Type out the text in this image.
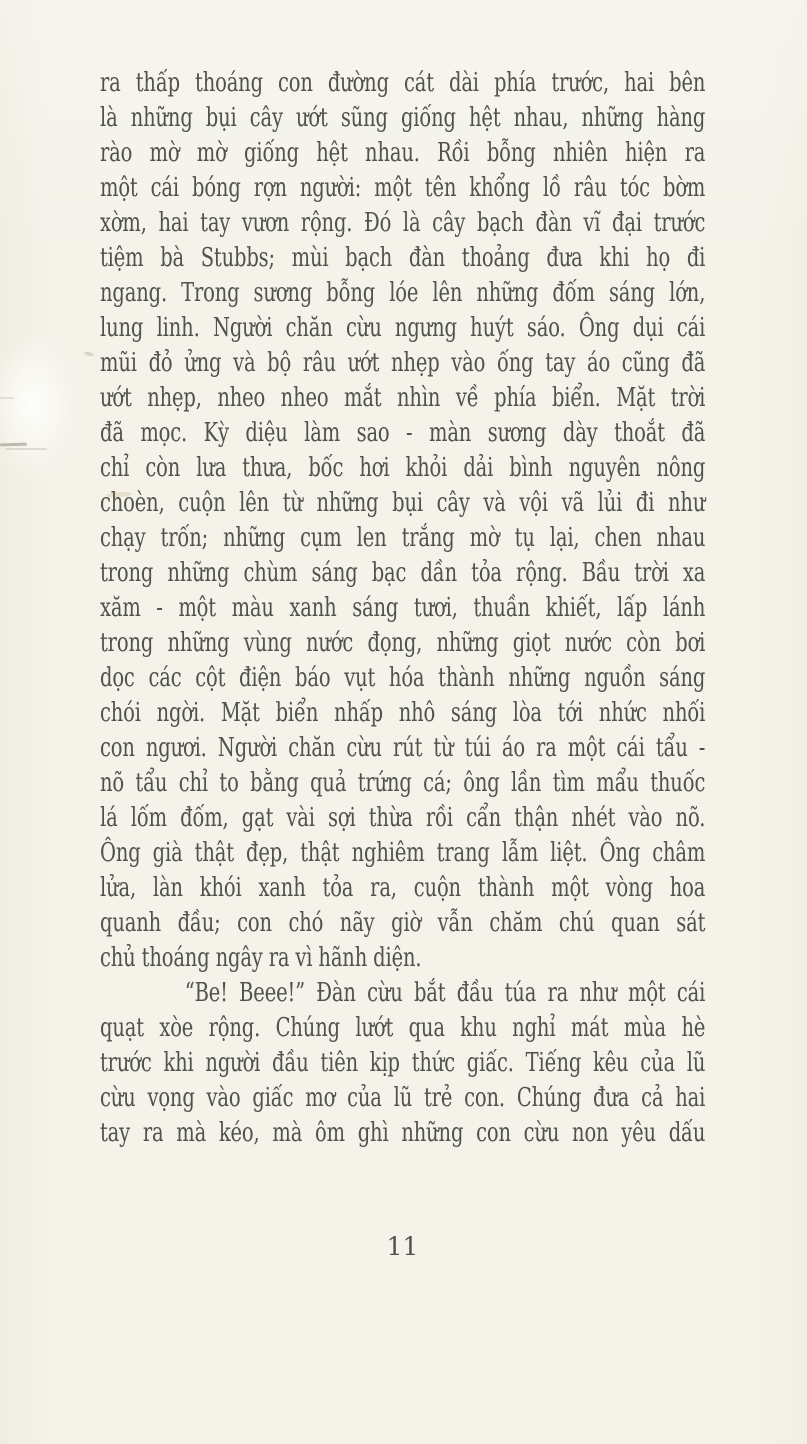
ra thấp thoáng con đường cát dài phía trước, hai bên
là những bụi cây ướt sũng giống hệt nhau, những hàng
rào mờ mờ giống hệt nhau. Rồi bỗng nhiên hiện ra
một cái bóng rợn người: một tên khổng lồ râu tóc bờm
xờm, hai tay vươn rộng. Đó là cây bạch đàn vĩ đại trước
tiệm bà Stubbs; mùi bạch đàn thoảng đưa khi họ đi
ngang. Trong sương bỗng lóe lên những đốm sáng lớn,
lung linh. Người chăn cừu ngưng huýt sáo. Ông dụi cái
mũi đỏ ửng và bộ râu ướt nhẹp vào ống tay áo cũng đã
ướt nhẹp, nheo nheo mắt nhìn về phía biển. Mặt trời
đã mọc. Kỳ diệu làm sao - màn sương dày thoắt đã
chỉ còn lưa thưa, bốc hơi khỏi dải bình nguyên nông
choèn, cuộn lên từ những bụi cây và vội vã lủi đi như
chạy trốn; những cụm len trắng mờ tụ lại, chen nhau
trong những chùm sáng bạc dần tỏa rộng. Bầu trời xa
xăm - một màu xanh sáng tươi, thuần khiết, lấp lánh
trong những vùng nước đọng, những giọt nước còn bơi
dọc các cột điện báo vụt hóa thành những nguồn sáng
chói ngời. Mặt biển nhấp nhô sáng lòa tới nhức nhối
con ngươi. Người chăn cừu rút từ túi áo ra một cái tẩu -
nõ tẩu chỉ to bằng quả trứng cá; ông lần tìm mẩu thuốc
lá lốm đốm, gạt vài sợi thừa rồi cẩn thận nhét vào nõ.
Ông già thật đẹp, thật nghiêm trang lẫm liệt. Ông châm
lửa, làn khói xanh tỏa ra, cuộn thành một vòng hoa
quanh đầu; con chó nãy giờ vẫn chăm chú quan sát
chủ thoáng ngây ra vì hãnh diện.
“Be! Beee!” Đàn cừu bắt đầu túa ra như một cái
quạt xòe rộng. Chúng lướt qua khu nghỉ mát mùa hè
trước khi người đầu tiên kịp thức giấc. Tiếng kêu của lũ
cừu vọng vào giấc mơ của lũ trẻ con. Chúng đưa cả hai
tay ra mà kéo, mà ôm ghì những con cừu non yêu dấu
11
